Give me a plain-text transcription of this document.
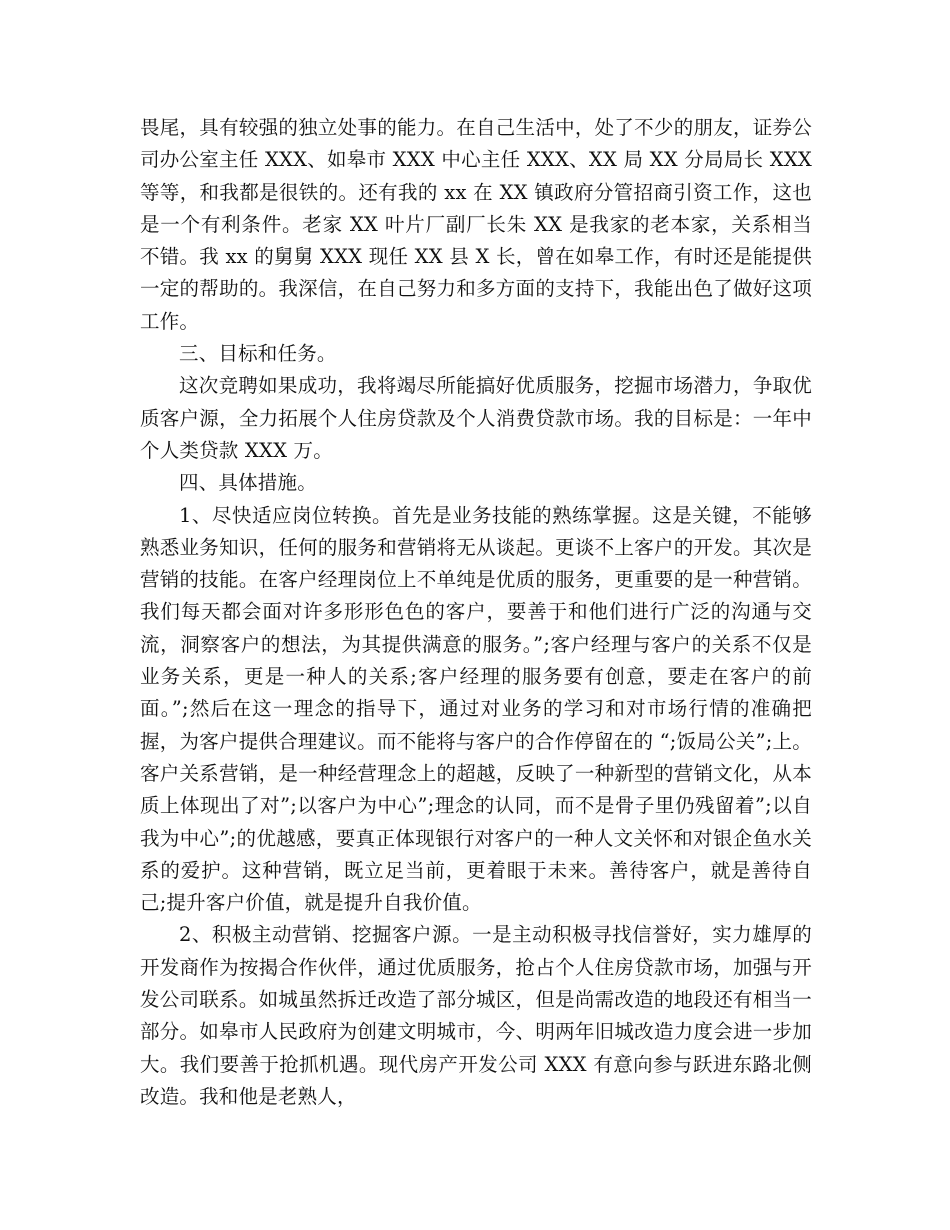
畏尾，具有较强的独立处事的能力。在自己生活中，处了不少的朋友，证券公司办公室主任 XXX、如皋市 XXX 中心主任 XXX、XX 局 XX 分局局长 XXX 等等，和我都是很铁的。还有我的 xx 在 XX 镇政府分管招商引资工作，这也是一个有利条件。老家 XX 叶片厂副厂长朱 XX 是我家的老本家，关系相当不错。我 xx 的舅舅 XXX 现任 XX 县 X 长，曾在如皋工作，有时还是能提供一定的帮助的。我深信，在自己努力和多方面的支持下，我能出色了做好这项工作。

三、目标和任务。

这次竞聘如果成功，我将竭尽所能搞好优质服务，挖掘市场潜力，争取优质客户源，全力拓展个人住房贷款及个人消费贷款市场。我的目标是：一年中个人类贷款 XXX 万。

四、具体措施。

1、尽快适应岗位转换。首先是业务技能的熟练掌握。这是关键，不能够熟悉业务知识，任何的服务和营销将无从谈起。更谈不上客户的开发。其次是营销的技能。在客户经理岗位上不单纯是优质的服务，更重要的是一种营销。我们每天都会面对许多形形色色的客户，要善于和他们进行广泛的沟通与交流，洞察客户的想法，为其提供满意的服务。”;客户经理与客户的关系不仅是业务关系，更是一种人的关系;客户经理的服务要有创意，要走在客户的前面。”;然后在这一理念的指导下，通过对业务的学习和对市场行情的准确把握，为客户提供合理建议。而不能将与客户的合作停留在的 “;饭局公关”;上。客户关系营销，是一种经营理念上的超越，反映了一种新型的营销文化，从本质上体现出了对”;以客户为中心”;理念的认同，而不是骨子里仍残留着”;以自我为中心”;的优越感，要真正体现银行对客户的一种人文关怀和对银企鱼水关系的爱护。这种营销，既立足当前，更着眼于未来。善待客户，就是善待自己;提升客户价值，就是提升自我价值。

2、积极主动营销、挖掘客户源。一是主动积极寻找信誉好，实力雄厚的开发商作为按揭合作伙伴，通过优质服务，抢占个人住房贷款市场，加强与开发公司联系。如城虽然拆迁改造了部分城区，但是尚需改造的地段还有相当一部分。如皋市人民政府为创建文明城市，今、明两年旧城改造力度会进一步加大。我们要善于抢抓机遇。现代房产开发公司 XXX 有意向参与跃进东路北侧改造。我和他是老熟人，
